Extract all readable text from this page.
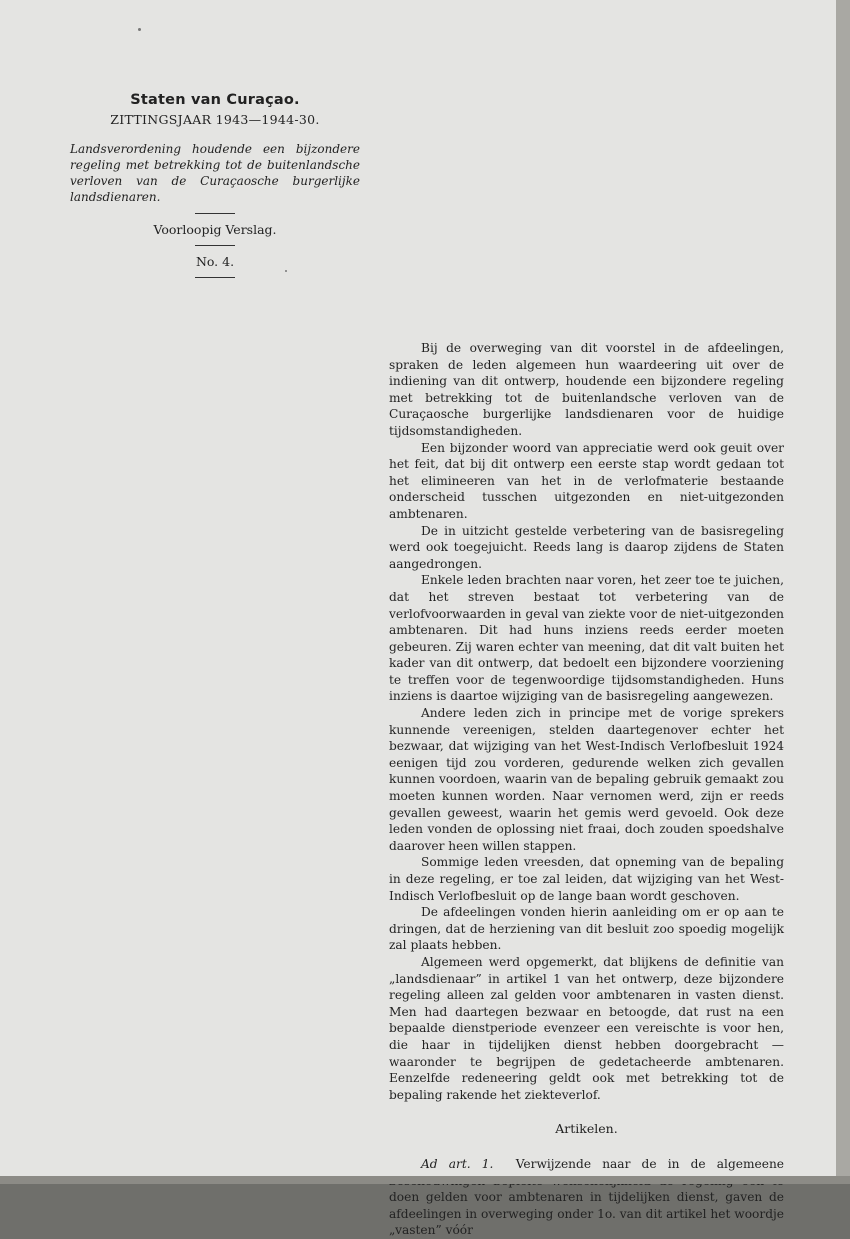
Staten van Curaçao.

ZITTINGSJAAR 1943—1944-30.

Landsverordening houdende een bijzondere regeling met betrekking tot de buitenlandsche verloven van de Curaçaosche burgerlijke landsdienaren.

Voorloopig Verslag.

No. 4.

Bij de overweging van dit voorstel in de afdeelingen, spraken de leden algemeen hun waardeering uit over de indiening van dit ontwerp, houdende een bijzondere regeling met betrekking tot de buitenlandsche verloven van de Curaçaosche burgerlijke landsdienaren voor de huidige tijdsomstandigheden.

Een bijzonder woord van appreciatie werd ook geuit over het feit, dat bij dit ontwerp een eerste stap wordt gedaan tot het elimineeren van het in de verlofmaterie bestaande onderscheid tusschen uitgezonden en niet-uitgezonden ambtenaren.

De in uitzicht gestelde verbetering van de basisregeling werd ook toegejuicht. Reeds lang is daarop zijdens de Staten aangedrongen.

Enkele leden brachten naar voren, het zeer toe te juichen, dat het streven bestaat tot verbetering van de verlofvoorwaarden in geval van ziekte voor de niet-uitgezonden ambtenaren. Dit had huns inziens reeds eerder moeten gebeuren. Zij waren echter van meening, dat dit valt buiten het kader van dit ontwerp, dat bedoelt een bijzondere voorziening te treffen voor de tegenwoordige tijdsomstandigheden. Huns inziens is daartoe wijziging van de basisregeling aangewezen.

Andere leden zich in principe met de vorige sprekers kunnende vereenigen, stelden daartegenover echter het bezwaar, dat wijziging van het West-Indisch Verlofbesluit 1924 eenigen tijd zou vorderen, gedurende welken zich gevallen kunnen voordoen, waarin van de bepaling gebruik gemaakt zou moeten kunnen worden. Naar vernomen werd, zijn er reeds gevallen geweest, waarin het gemis werd gevoeld. Ook deze leden vonden de oplossing niet fraai, doch zouden spoedshalve daarover heen willen stappen.

Sommige leden vreesden, dat opneming van de bepaling in deze regeling, er toe zal leiden, dat wijziging van het West-Indisch Verlofbesluit op de lange baan wordt geschoven.

De afdeelingen vonden hierin aanleiding om er op aan te dringen, dat de herziening van dit besluit zoo spoedig mogelijk zal plaats hebben.

Algemeen werd opgemerkt, dat blijkens de definitie van „landsdienaar” in artikel 1 van het ontwerp, deze bijzondere regeling alleen zal gelden voor ambtenaren in vasten dienst. Men had daartegen bezwaar en betoogde, dat rust na een bepaalde dienstperiode evenzeer een vereischte is voor hen, die haar in tijdelijken dienst hebben doorgebracht — waaronder te begrijpen de gedetacheerde ambtenaren. Eenzelfde redeneering geldt ook met betrekking tot de bepaling rakende het ziekteverlof.

Artikelen.

Ad art. 1. Verwijzende naar de in de algemeene doen gelden voor ambtenaren in tijdelijken dienst, gaven de afdeelingen in overweging onder 1o. van dit artikel het woordje „vasten” vóór
